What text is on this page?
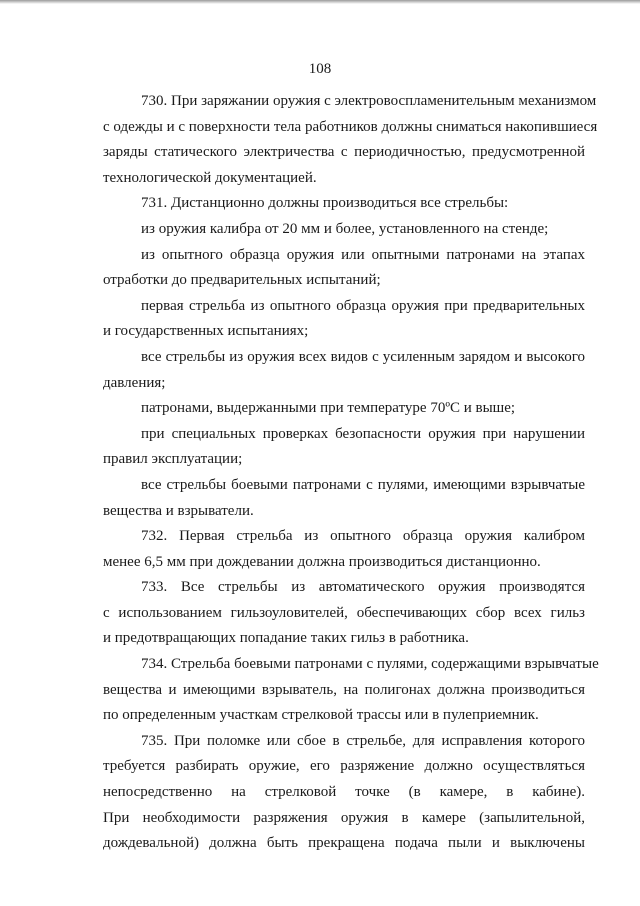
108
730. При заряжании оружия с электровоспламенительным механизмом
с одежды и с поверхности тела работников должны сниматься накопившиеся
заряды статического электричества с периодичностью, предусмотренной
технологической документацией.
731. Дистанционно должны производиться все стрельбы:
из оружия калибра от 20 мм и более, установленного на стенде;
из опытного образца оружия или опытными патронами на этапах
отработки до предварительных испытаний;
первая стрельба из опытного образца оружия при предварительных
и государственных испытаниях;
все стрельбы из оружия всех видов с усиленным зарядом и высокого
давления;
патронами, выдержанными при температуре 70ºС и выше;
при специальных проверках безопасности оружия при нарушении
правил эксплуатации;
все стрельбы боевыми патронами с пулями, имеющими взрывчатые
вещества и взрыватели.
732. Первая стрельба из опытного образца оружия калибром
менее 6,5 мм при дождевании должна производиться дистанционно.
733. Все стрельбы из автоматического оружия производятся
с использованием гильзоуловителей, обеспечивающих сбор всех гильз
и предотвращающих попадание таких гильз в работника.
734. Стрельба боевыми патронами с пулями, содержащими взрывчатые
вещества и имеющими взрыватель, на полигонах должна производиться
по определенным участкам стрелковой трассы или в пулеприемник.
735. При поломке или сбое в стрельбе, для исправления которого
требуется разбирать оружие, его разряжение должно осуществляться
непосредственно на стрелковой точке (в камере, в кабине).
При необходимости разряжения оружия в камере (запылительной,
дождевальной) должна быть прекращена подача пыли и выключены
